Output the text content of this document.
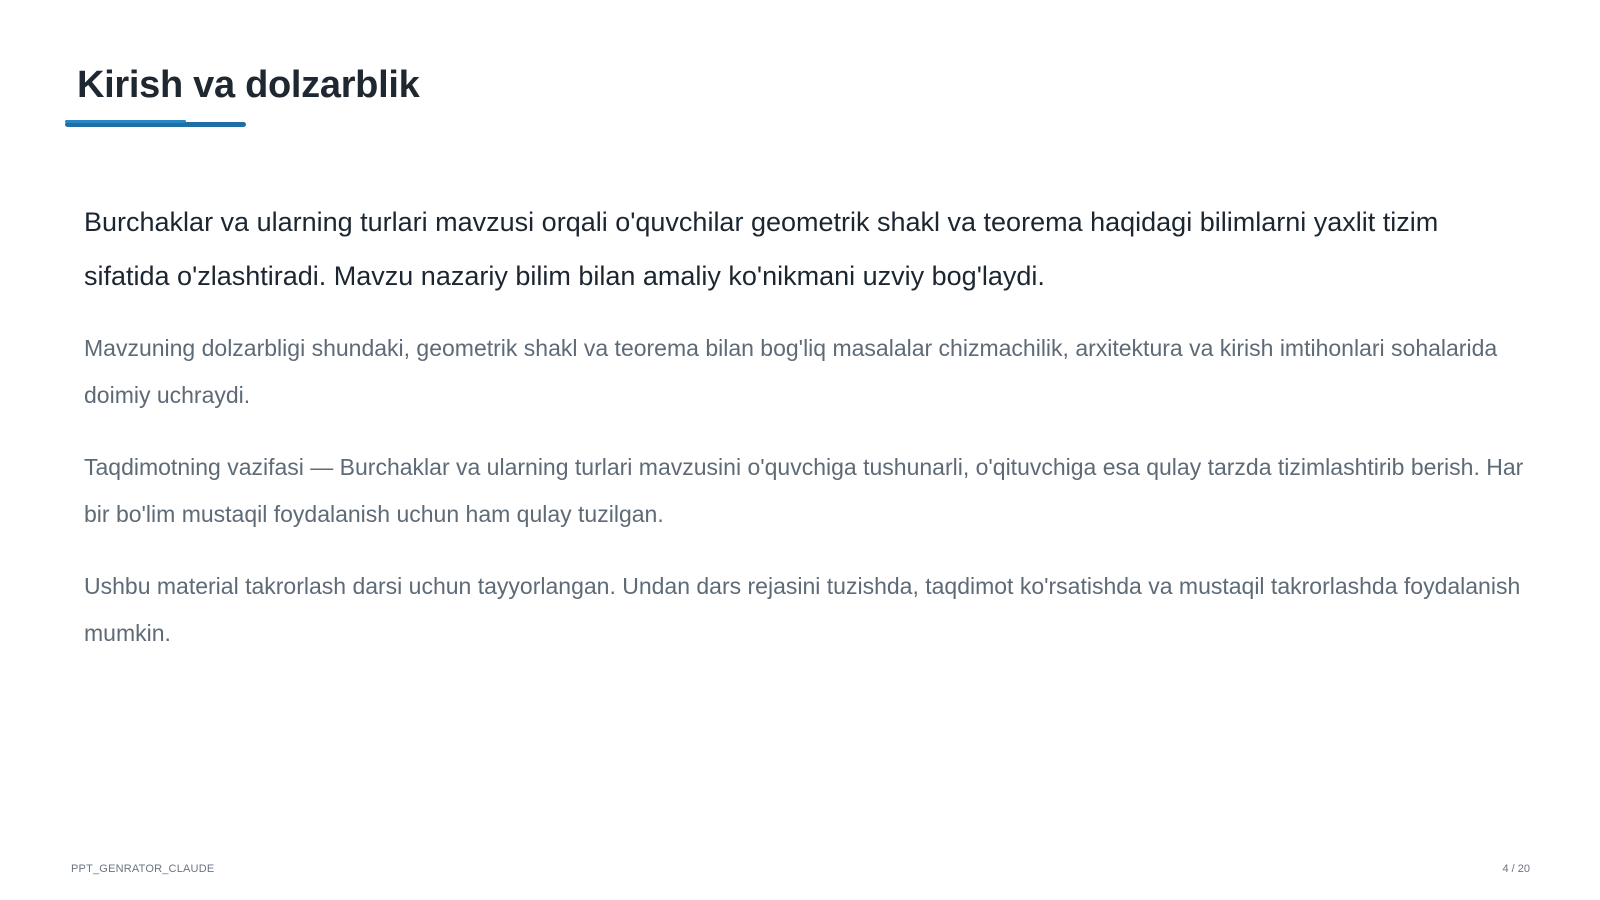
Kirish va dolzarblik

Burchaklar va ularning turlari mavzusi orqali o'quvchilar geometrik shakl va teorema haqidagi bilimlarni yaxlit tizim sifatida o'zlashtiradi. Mavzu nazariy bilim bilan amaliy ko'nikmani uzviy bog'laydi.

Mavzuning dolzarbligi shundaki, geometrik shakl va teorema bilan bog'liq masalalar chizmachilik, arxitektura va kirish imtihonlari sohalarida doimiy uchraydi.

Taqdimotning vazifasi — Burchaklar va ularning turlari mavzusini o'quvchiga tushunarli, o'qituvchiga esa qulay tarzda tizimlashtirib berish. Har bir bo'lim mustaqil foydalanish uchun ham qulay tuzilgan.

Ushbu material takrorlash darsi uchun tayyorlangan. Undan dars rejasini tuzishda, taqdimot ko'rsatishda va mustaqil takrorlashda foydalanish mumkin.

PPT_GENRATOR_CLAUDE	4 / 20
